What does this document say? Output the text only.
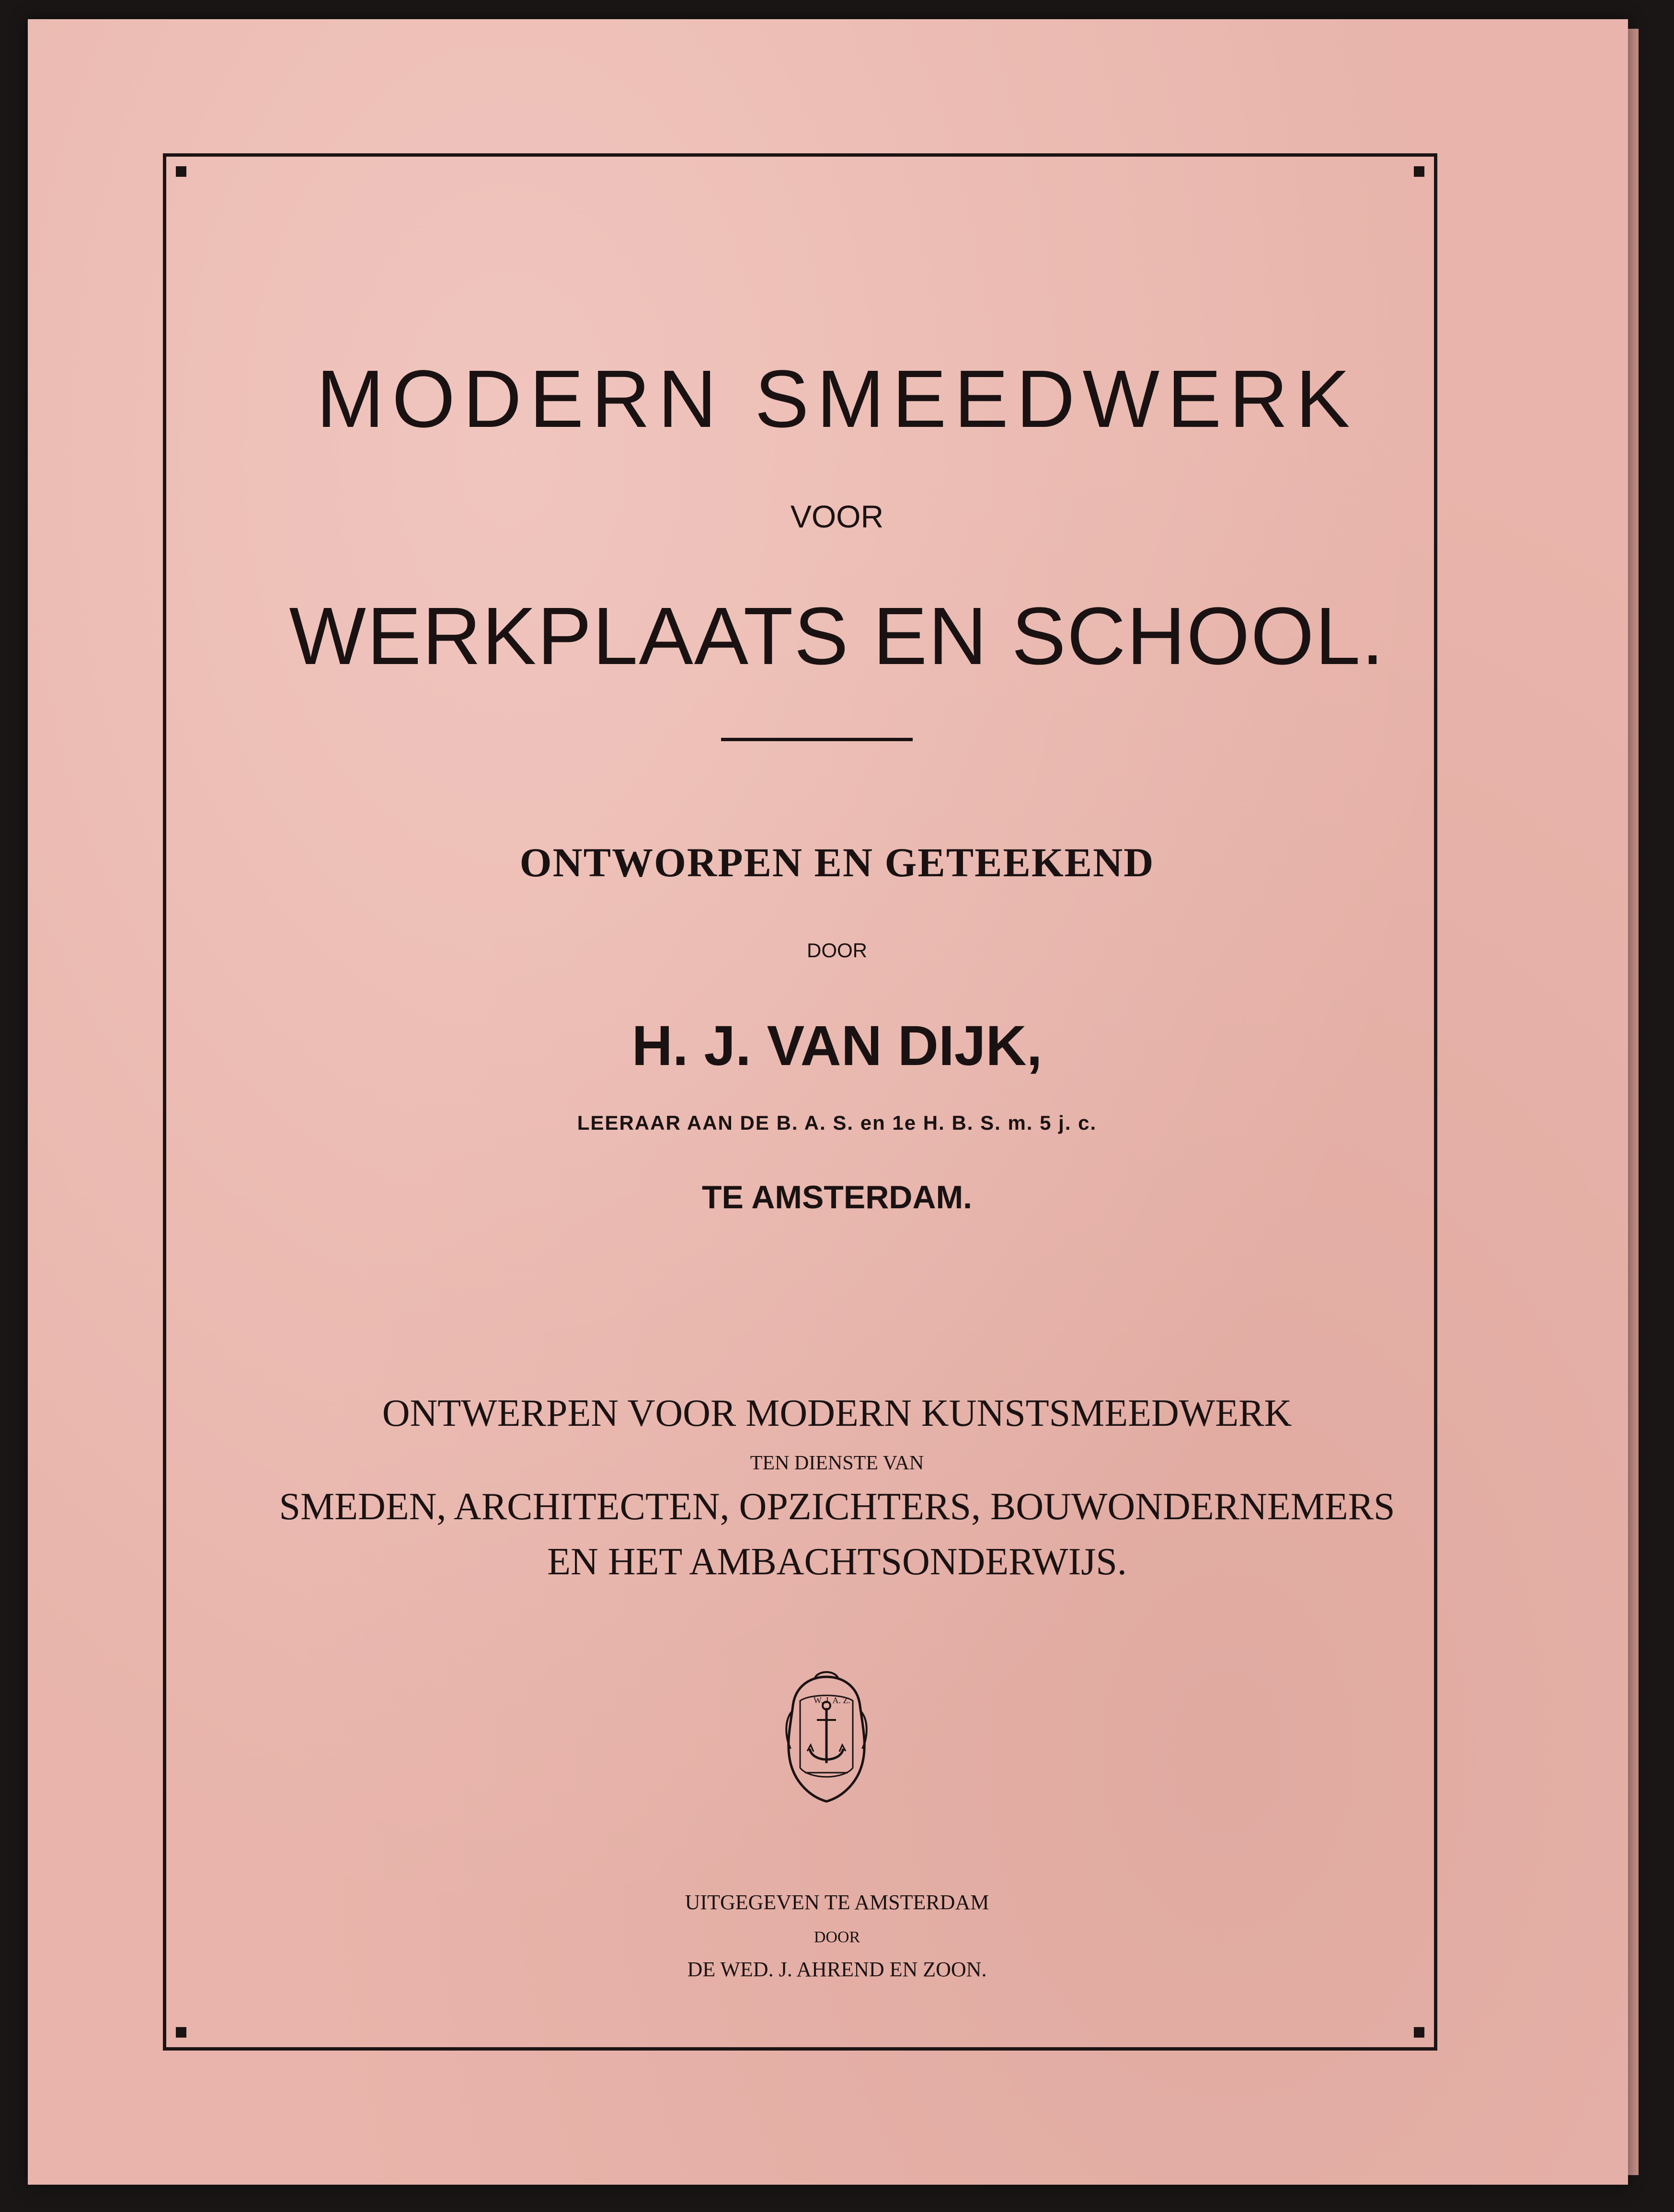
MODERN SMEEDWERK
VOOR
WERKPLAATS EN SCHOOL.
ONTWORPEN EN GETEEKEND
DOOR
H. J. VAN DIJK,
LEERAAR AAN DE B. A. S. en 1e H. B. S. m. 5 j. c.
TE AMSTERDAM.
ONTWERPEN VOOR MODERN KUNSTSMEEDWERK
TEN DIENSTE VAN
SMEDEN, ARCHITECTEN, OPZICHTERS, BOUWONDERNEMERS
EN HET AMBACHTSONDERWIJS.
W. J. A. Z.
UITGEGEVEN TE AMSTERDAM
DOOR
DE WED. J. AHREND EN ZOON.
